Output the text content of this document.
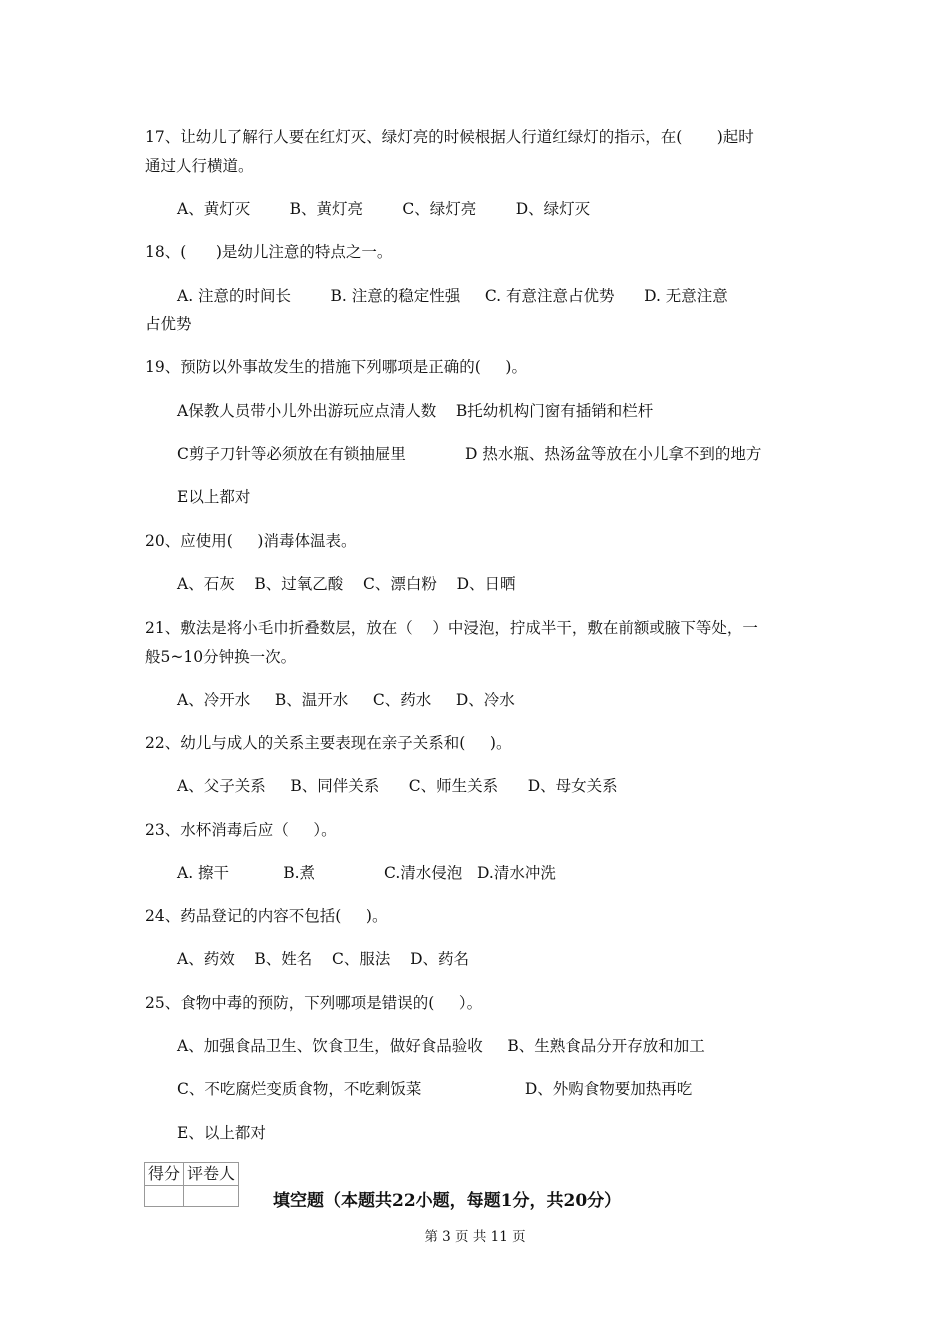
17、让幼儿了解行人要在红灯灭、绿灯亮的时候根据人行道红绿灯的指示，在(       )起时
通过人行横道。
A、黄灯灭        B、黄灯亮        C、绿灯亮        D、绿灯灭
18、(      )是幼儿注意的特点之一。
A. 注意的时间长        B. 注意的稳定性强     C. 有意注意占优势      D. 无意注意
占优势
19、预防以外事故发生的措施下列哪项是正确的(     )。
A保教人员带小儿外出游玩应点清人数    B托幼机构门窗有插销和栏杆
C剪子刀针等必须放在有锁抽屉里            D 热水瓶、热汤盆等放在小儿拿不到的地方
E以上都对
20、应使用(     )消毒体温表。
A、石灰    B、过氧乙酸    C、漂白粉    D、日晒
21、敷法是将小毛巾折叠数层，放在（    ）中浸泡，拧成半干，敷在前额或腋下等处，一
般5~10分钟换一次。
A、冷开水     B、温开水     C、药水     D、冷水
22、幼儿与成人的关系主要表现在亲子关系和(     )。
A、父子关系     B、同伴关系      C、师生关系      D、母女关系
23、水杯消毒后应（     ）。
A. 擦干           B.煮              C.清水侵泡   D.清水冲洗
24、药品登记的内容不包括(     )。
A、药效    B、姓名    C、服法    D、药名
25、食物中毒的预防，下列哪项是错误的(     ）。
A、加强食品卫生、饮食卫生，做好食品验收     B、生熟食品分开存放和加工
C、不吃腐烂变质食物，不吃剩饭菜                     D、外购食物要加热再吃
E、以上都对
得分	评卷人

填空题（本题共22小题，每题1分，共20分）
第 3 页 共 11 页
